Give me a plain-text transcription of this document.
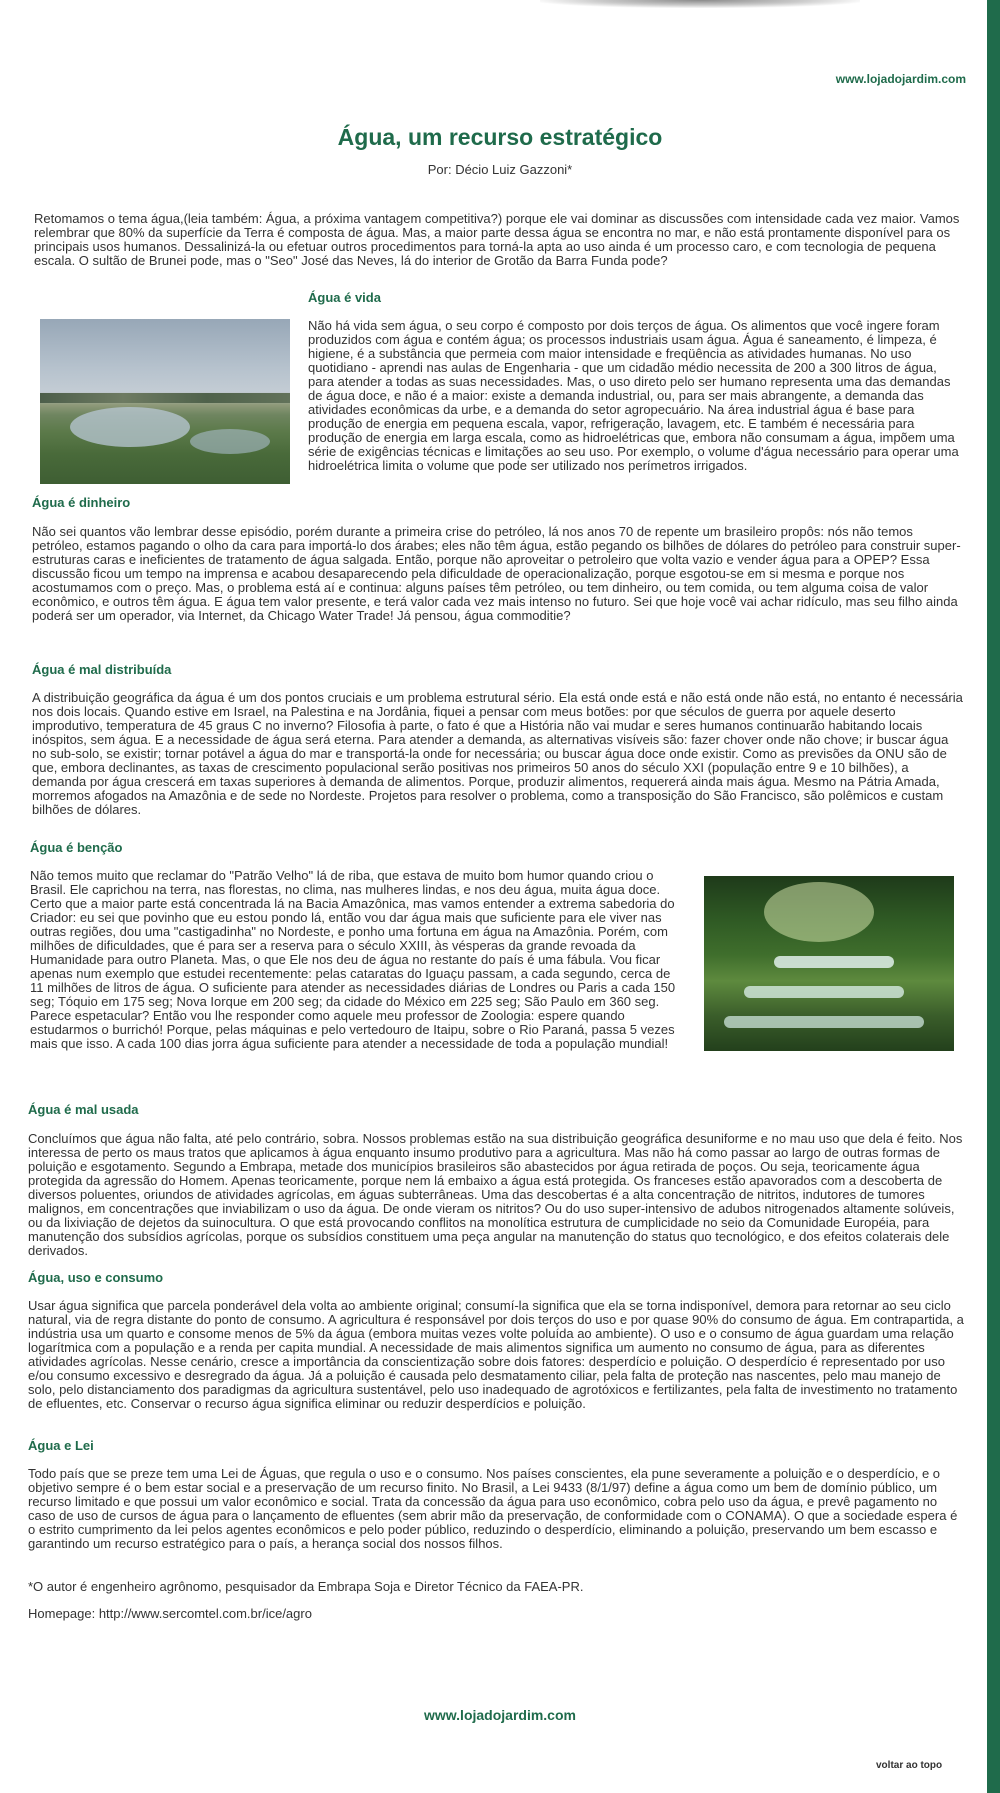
www.lojadojardim.com
Água, um recurso estratégico
Por: Décio Luiz Gazzoni*

Retomamos o tema água,(leia também: Água, a próxima vantagem competitiva?) porque ele vai dominar as discussões com intensidade cada vez maior. Vamos relembrar que 80% da superfície da Terra é composta de água. Mas, a maior parte dessa água se encontra no mar, e não está prontamente disponível para os principais usos humanos. Dessalinizá-la ou efetuar outros procedimentos para torná-la apta ao uso ainda é um processo caro, e com tecnologia de pequena escala. O sultão de Brunei pode, mas o "Seo" José das Neves, lá do interior de Grotão da Barra Funda pode?

Água é vida

Não há vida sem água, o seu corpo é composto por dois terços de água. Os alimentos que você ingere foram produzidos com água e contém água; os processos industriais usam água. Água é saneamento, é limpeza, é higiene, é a substância que permeia com maior intensidade e freqüência as atividades humanas. No uso quotidiano - aprendi nas aulas de Engenharia - que um cidadão médio necessita de 200 a 300 litros de água, para atender a todas as suas necessidades. Mas, o uso direto pelo ser humano representa uma das demandas de água doce, e não é a maior: existe a demanda industrial, ou, para ser mais abrangente, a demanda das atividades econômicas da urbe, e a demanda do setor agropecuário. Na área industrial água é base para produção de energia em pequena escala, vapor, refrigeração, lavagem, etc. E também é necessária para produção de energia em larga escala, como as hidroelétricas que, embora não consumam a água, impõem uma série de exigências técnicas e limitações ao seu uso. Por exemplo, o volume d'água necessário para operar uma hidroelétrica limita o volume que pode ser utilizado nos perímetros irrigados.

Água é dinheiro

Não sei quantos vão lembrar desse episódio, porém durante a primeira crise do petróleo, lá nos anos 70 de repente um brasileiro propôs: nós não temos petróleo, estamos pagando o olho da cara para importá-lo dos árabes; eles não têm água, estão pegando os bilhões de dólares do petróleo para construir super-estruturas caras e ineficientes de tratamento de água salgada. Então, porque não aproveitar o petroleiro que volta vazio e vender água para a OPEP? Essa discussão ficou um tempo na imprensa e acabou desaparecendo pela dificuldade de operacionalização, porque esgotou-se em si mesma e porque nos acostumamos com o preço. Mas, o problema está aí e continua: alguns países têm petróleo, ou tem dinheiro, ou tem comida, ou tem alguma coisa de valor econômico, e outros têm água. E água tem valor presente, e terá valor cada vez mais intenso no futuro. Sei que hoje você vai achar ridículo, mas seu filho ainda poderá ser um operador, via Internet, da Chicago Water Trade! Já pensou, água commoditie?

Água é mal distribuída

A distribuição geográfica da água é um dos pontos cruciais e um problema estrutural sério. Ela está onde está e não está onde não está, no entanto é necessária nos dois locais. Quando estive em Israel, na Palestina e na Jordânia, fiquei a pensar com meus botões: por que séculos de guerra por aquele deserto improdutivo, temperatura de 45 graus C no inverno? Filosofia à parte, o fato é que a História não vai mudar e seres humanos continuarão habitando locais inóspitos, sem água. E a necessidade de água será eterna. Para atender a demanda, as alternativas visíveis são: fazer chover onde não chove; ir buscar água no sub-solo, se existir; tornar potável a água do mar e transportá-la onde for necessária; ou buscar água doce onde existir. Como as previsões da ONU são de que, embora declinantes, as taxas de crescimento populacional serão positivas nos primeiros 50 anos do século XXI (população entre 9 e 10 bilhões), a demanda por água crescerá em taxas superiores à demanda de alimentos. Porque, produzir alimentos, requererá ainda mais água. Mesmo na Pátria Amada, morremos afogados na Amazônia e de sede no Nordeste. Projetos para resolver o problema, como a transposição do São Francisco, são polêmicos e custam bilhões de dólares.

Água é benção

Não temos muito que reclamar do "Patrão Velho" lá de riba, que estava de muito bom humor quando criou o Brasil. Ele caprichou na terra, nas florestas, no clima, nas mulheres lindas, e nos deu água, muita água doce. Certo que a maior parte está concentrada lá na Bacia Amazônica, mas vamos entender a extrema sabedoria do Criador: eu sei que povinho que eu estou pondo lá, então vou dar água mais que suficiente para ele viver nas outras regiões, dou uma "castigadinha" no Nordeste, e ponho uma fortuna em água na Amazônia. Porém, com milhões de dificuldades, que é para ser a reserva para o século XXIII, às vésperas da grande revoada da Humanidade para outro Planeta. Mas, o que Ele nos deu de água no restante do país é uma fábula. Vou ficar apenas num exemplo que estudei recentemente: pelas cataratas do Iguaçu passam, a cada segundo, cerca de 11 milhões de litros de água. O suficiente para atender as necessidades diárias de Londres ou Paris a cada 150 seg; Tóquio em 175 seg; Nova Iorque em 200 seg; da cidade do México em 225 seg; São Paulo em 360 seg. Parece espetacular? Então vou lhe responder como aquele meu professor de Zoologia: espere quando estudarmos o burrichó! Porque, pelas máquinas e pelo vertedouro de Itaipu, sobre o Rio Paraná, passa 5 vezes mais que isso. A cada 100 dias jorra água suficiente para atender a necessidade de toda a população mundial!

Água é mal usada

Concluímos que água não falta, até pelo contrário, sobra. Nossos problemas estão na sua distribuição geográfica desuniforme e no mau uso que dela é feito. Nos interessa de perto os maus tratos que aplicamos à água enquanto insumo produtivo para a agricultura. Mas não há como passar ao largo de outras formas de poluição e esgotamento. Segundo a Embrapa, metade dos municípios brasileiros são abastecidos por água retirada de poços. Ou seja, teoricamente água protegida da agressão do Homem. Apenas teoricamente, porque nem lá embaixo a água está protegida. Os franceses estão apavorados com a descoberta de diversos poluentes, oriundos de atividades agrícolas, em águas subterrâneas. Uma das descobertas é a alta concentração de nitritos, indutores de tumores malignos, em concentrações que inviabilizam o uso da água. De onde vieram os nitritos? Ou do uso super-intensivo de adubos nitrogenados altamente solúveis, ou da lixiviação de dejetos da suinocultura. O que está provocando conflitos na monolítica estrutura de cumplicidade no seio da Comunidade Européia, para manutenção dos subsídios agrícolas, porque os subsídios constituem uma peça angular na manutenção do status quo tecnológico, e dos efeitos colaterais dele derivados.

Água, uso e consumo

Usar água significa que parcela ponderável dela volta ao ambiente original; consumí-la significa que ela se torna indisponível, demora para retornar ao seu ciclo natural, via de regra distante do ponto de consumo. A agricultura é responsável por dois terços do uso e por quase 90% do consumo de água. Em contrapartida, a indústria usa um quarto e consome menos de 5% da água (embora muitas vezes volte poluída ao ambiente). O uso e o consumo de água guardam uma relação logarítmica com a população e a renda per capita mundial. A necessidade de mais alimentos significa um aumento no consumo de água, para as diferentes atividades agrícolas. Nesse cenário, cresce a importância da conscientização sobre dois fatores: desperdício e poluição. O desperdício é representado por uso e/ou consumo excessivo e desregrado da água. Já a poluição é causada pelo desmatamento ciliar, pela falta de proteção nas nascentes, pelo mau manejo de solo, pelo distanciamento dos paradigmas da agricultura sustentável, pelo uso inadequado de agrotóxicos e fertilizantes, pela falta de investimento no tratamento de efluentes, etc. Conservar o recurso água significa eliminar ou reduzir desperdícios e poluição.

Água e Lei

Todo país que se preze tem uma Lei de Águas, que regula o uso e o consumo. Nos países conscientes, ela pune severamente a poluição e o desperdício, e o objetivo sempre é o bem estar social e a preservação de um recurso finito. No Brasil, a Lei 9433 (8/1/97) define a água como um bem de domínio público, um recurso limitado e que possui um valor econômico e social. Trata da concessão da água para uso econômico, cobra pelo uso da água, e prevê pagamento no caso de uso de cursos de água para o lançamento de efluentes (sem abrir mão da preservação, de conformidade com o CONAMA). O que a sociedade espera é o estrito cumprimento da lei pelos agentes econômicos e pelo poder público, reduzindo o desperdício, eliminando a poluição, preservando um bem escasso e garantindo um recurso estratégico para o país, a herança social dos nossos filhos.

*O autor é engenheiro agrônomo, pesquisador da Embrapa Soja e Diretor Técnico da FAEA-PR.

Homepage: http://www.sercomtel.com.br/ice/agro

www.lojadojardim.com
voltar ao topo
